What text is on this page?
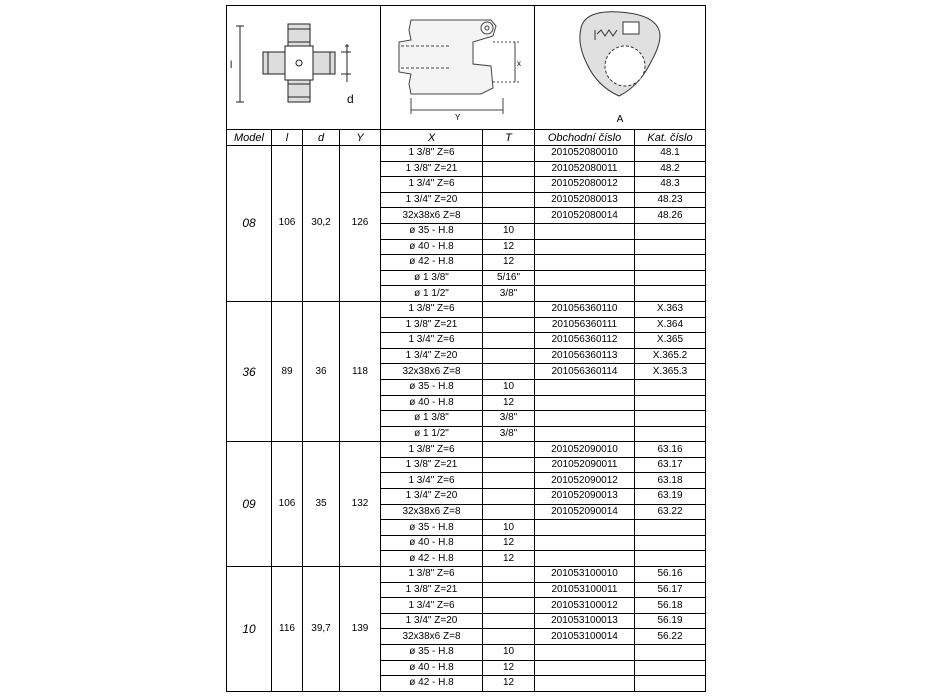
l
d				x
Y		A	

Model	l	d	Y	X	T	Obchodní číslo	Kat. číslo
08	106	30,2	126	1 3/8" Z=6		201052080010	48.1
				1 3/8" Z=21		201052080011	48.2
				1 3/4" Z=6		201052080012	48.3
				1 3/4" Z=20		201052080013	48.23
				32x38x6 Z=8		201052080014	48.26
				ø 35 - H.8	10		
				ø 40 - H.8	12		
				ø 42 - H.8	12		
				ø 1 3/8"	5/16"		
				ø 1 1/2"	3/8"		
36	89	36	118	1 3/8" Z=6		201056360110	X.363
				1 3/8" Z=21		201056360111	X.364
				1 3/4" Z=6		201056360112	X.365
				1 3/4" Z=20		201056360113	X.365.2
				32x38x6 Z=8		201056360114	X.365.3
				ø 35 - H.8	10		
				ø 40 - H.8	12		
				ø 1 3/8"	3/8"		
				ø 1 1/2"	3/8"		
09	106	35	132	1 3/8" Z=6		201052090010	63.16
				1 3/8" Z=21		201052090011	63.17
				1 3/4" Z=6		201052090012	63.18
				1 3/4" Z=20		201052090013	63.19
				32x38x6 Z=8		201052090014	63.22
				ø 35 - H.8	10		
				ø 40 - H.8	12		
				ø 42 - H.8	12		
10	116	39,7	139	1 3/8" Z=6		201053100010	56.16
				1 3/8" Z=21		201053100011	56.17
				1 3/4" Z=6		201053100012	56.18
				1 3/4" Z=20		201053100013	56.19
				32x38x6 Z=8		201053100014	56.22
				ø 35 - H.8	10		
				ø 40 - H.8	12		
				ø 42 - H.8	12		
